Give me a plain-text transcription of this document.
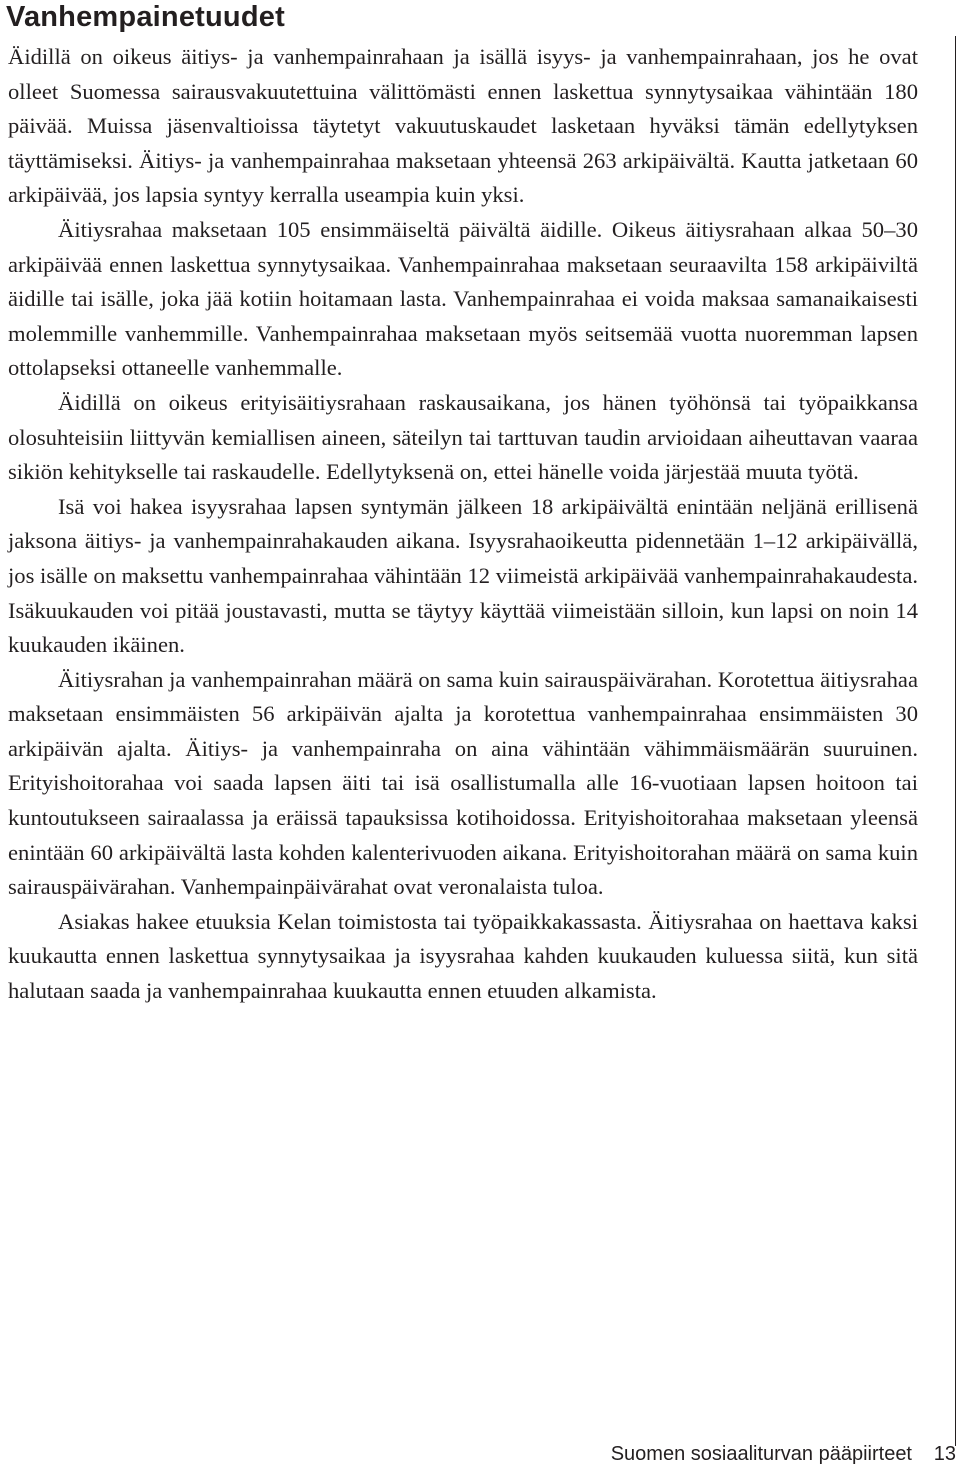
Vanhempainetuudet

Äidillä on oikeus äitiys- ja vanhempainrahaan ja isällä isyys- ja vanhempainrahaan, jos he ovat olleet Suomessa sairausvakuutettuina välittömästi ennen laskettua synnytysaikaa vähintään 180 päivää. Muissa jäsenvaltioissa täytetyt vakuutuskaudet lasketaan hyväksi tämän edellytyksen täyttämiseksi. Äitiys- ja vanhempainrahaa maksetaan yhteensä 263 arkipäivältä. Kautta jatketaan 60 arkipäivää, jos lapsia syntyy kerralla useampia kuin yksi.

Äitiysrahaa maksetaan 105 ensimmäiseltä päivältä äidille. Oikeus äitiysrahaan alkaa 50–30 arkipäivää ennen laskettua synnytysaikaa. Vanhempainrahaa maksetaan seuraavilta 158 arkipäiviltä äidille tai isälle, joka jää kotiin hoitamaan lasta. Vanhempainrahaa ei voida maksaa samanaikaisesti molemmille vanhemmille. Vanhempainrahaa maksetaan myös seitsemää vuotta nuoremman lapsen ottolapseksi ottaneelle vanhemmalle.

Äidillä on oikeus erityisäitiysrahaan raskausaikana, jos hänen työhönsä tai työpaikkansa olosuhteisiin liittyvän kemiallisen aineen, säteilyn tai tarttuvan taudin arvioidaan aiheuttavan vaaraa sikiön kehitykselle tai raskaudelle. Edellytyksenä on, ettei hänelle voida järjestää muuta työtä.

Isä voi hakea isyysrahaa lapsen syntymän jälkeen 18 arkipäivältä enintään neljänä erillisenä jaksona äitiys- ja vanhempainrahakauden aikana. Isyysrahaoikeutta pidennetään 1–12 arkipäivällä, jos isälle on maksettu vanhempainrahaa vähintään 12 viimeistä arkipäivää vanhempainrahakaudesta. Isäkuukauden voi pitää joustavasti, mutta se täytyy käyttää viimeistään silloin, kun lapsi on noin 14 kuukauden ikäinen.

Äitiysrahan ja vanhempainrahan määrä on sama kuin sairauspäivärahan. Korotettua äitiysrahaa maksetaan ensimmäisten 56 arkipäivän ajalta ja korotettua vanhempainrahaa ensimmäisten 30 arkipäivän ajalta. Äitiys- ja vanhempainraha on aina vähintään vähimmäismäärän suuruinen. Erityishoitorahaa voi saada lapsen äiti tai isä osallistumalla alle 16-vuotiaan lapsen hoitoon tai kuntoutukseen sairaalassa ja eräissä tapauksissa kotihoidossa. Erityishoitorahaa maksetaan yleensä enintään 60 arkipäivältä lasta kohden kalenterivuoden aikana. Erityishoitorahan määrä on sama kuin sairauspäivärahan. Vanhempainpäivärahat ovat veronalaista tuloa.

Asiakas hakee etuuksia Kelan toimistosta tai työpaikkakassasta. Äitiysrahaa on haettava kaksi kuukautta ennen laskettua synnytysaikaa ja isyysrahaa kahden kuukauden kuluessa siitä, kun sitä halutaan saada ja vanhempainrahaa kuukautta ennen etuuden alkamista.

Suomen sosiaaliturvan pääpiirteet 13
